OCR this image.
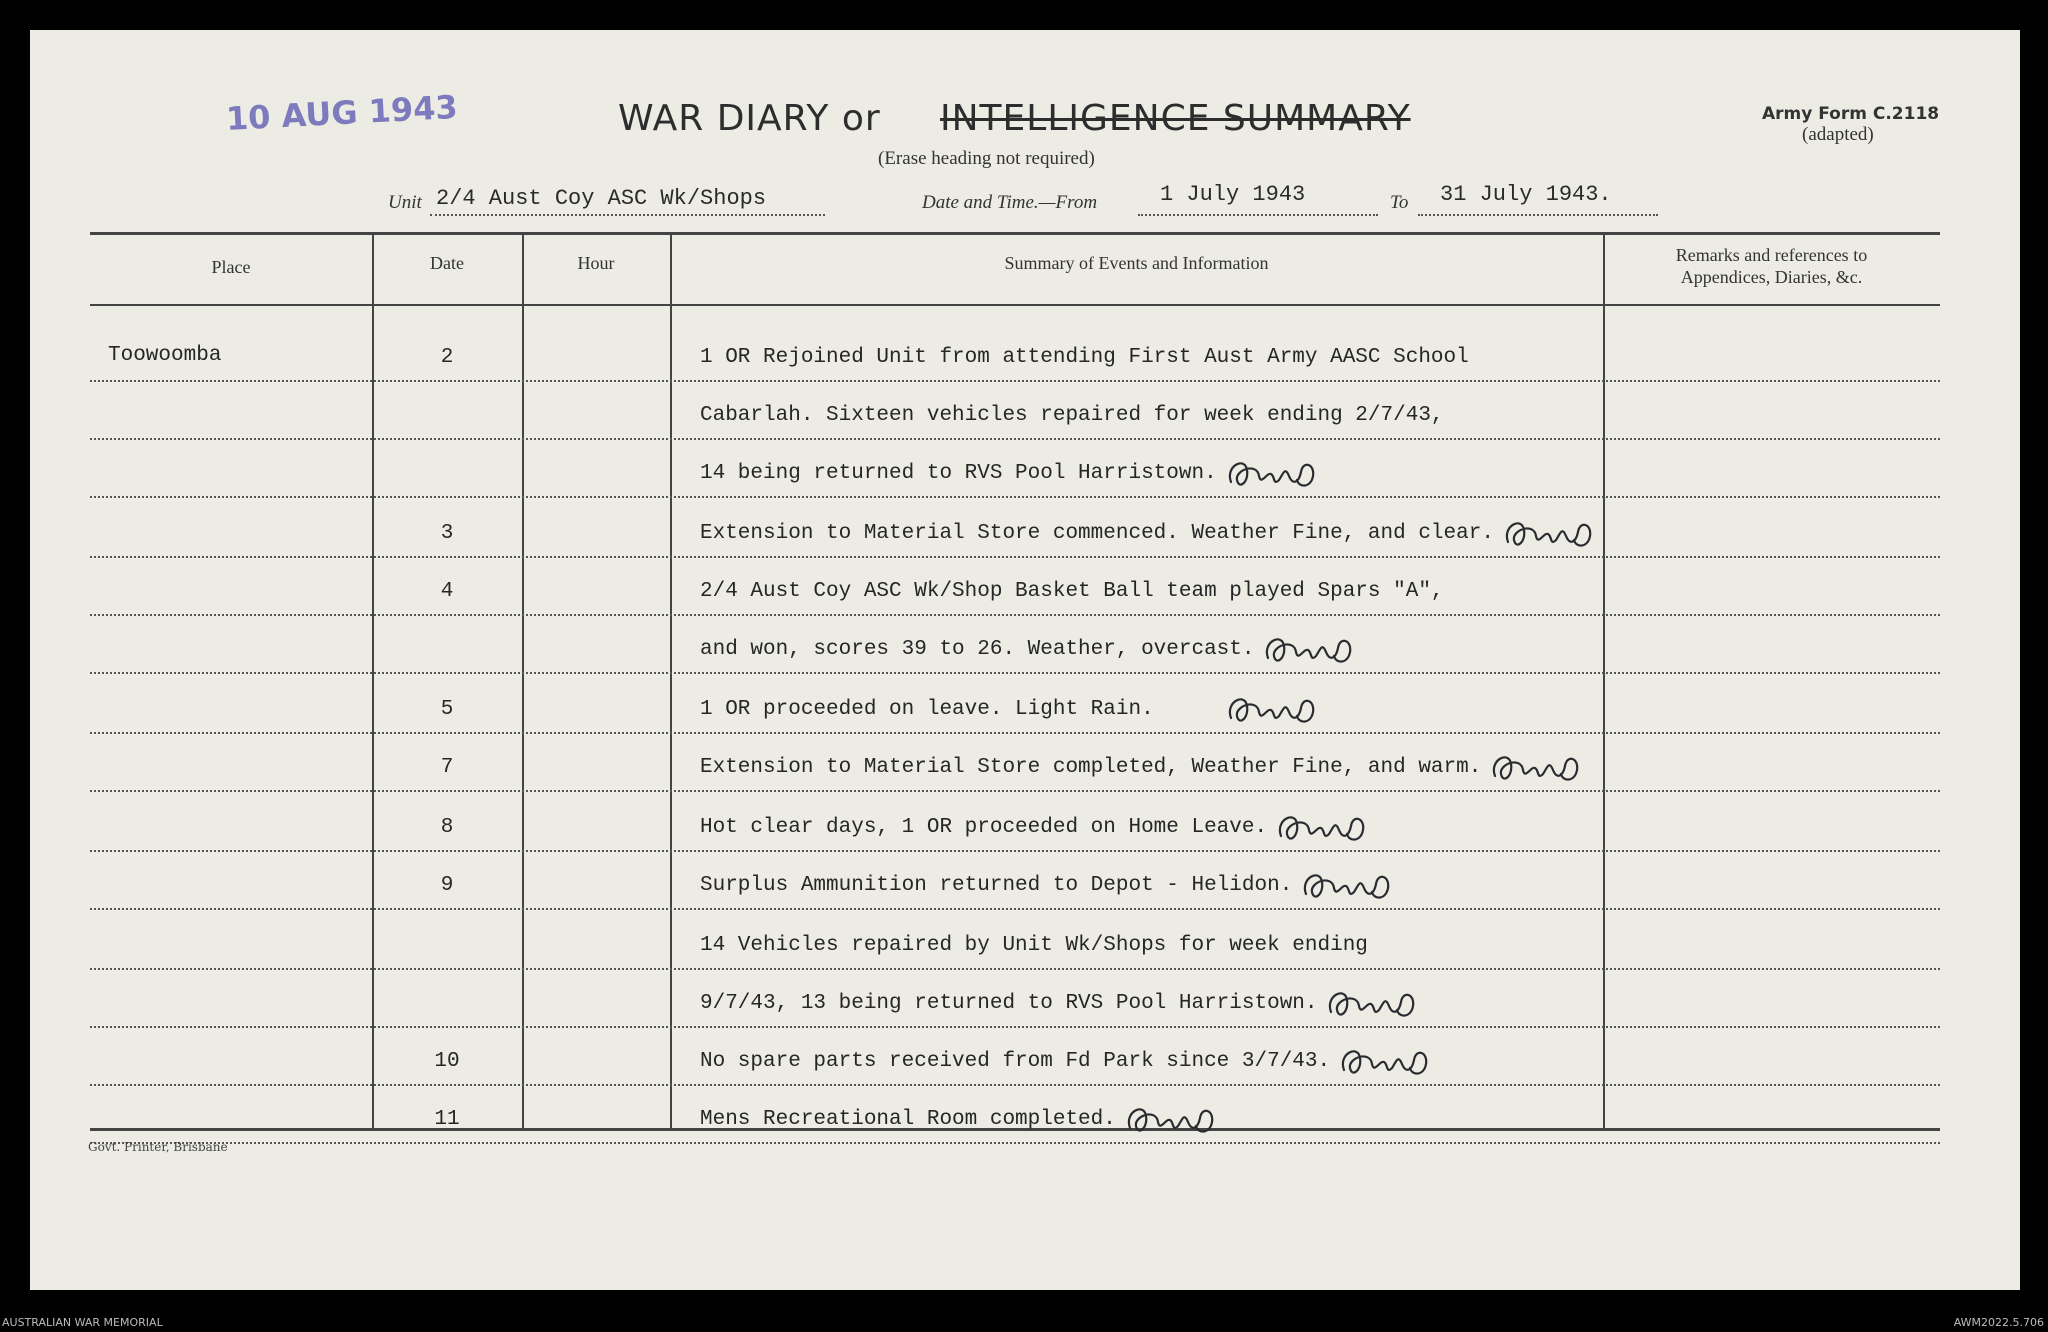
10 AUG 1943	WAR DIARY or INTELLIGENCE SUMMARY
(Erase heading not required)
Army Form C.2118
(adapted)
Unit 2/4 Aust Coy ASC Wk/Shops	Date and Time.—From	1 July 1943	To 31 July 1943.
Place	Date	Hour	Summary of Events and Information	Remarks and references to
Appendices, Diaries, &c.
Toowoomba	2	1 OR Rejoined Unit from attending First Aust Army AASC School
Cabarlah. Sixteen vehicles repaired for week ending 2/7/43,
14 being returned to RVS Pool Harristown.
3	Extension to Material Store commenced. Weather Fine, and clear.
4	2/4 Aust Coy ASC Wk/Shop Basket Ball team played Spars "A",
and won, scores 39 to 26. Weather, overcast.
5	1 OR proceeded on leave. Light Rain.
7	Extension to Material Store completed, Weather Fine, and warm.
8	Hot clear days, 1 OR proceeded on Home Leave.
9	Surplus Ammunition returned to Depot - Helidon.
14 Vehicles repaired by Unit Wk/Shops for week ending
9/7/43, 13 being returned to RVS Pool Harristown.
10	No spare parts received from Fd Park since 3/7/43.
11	Mens Recreational Room completed.
Govt. Printer, Brisbane
AUSTRALIAN WAR MEMORIAL	AWM2022.5.706
